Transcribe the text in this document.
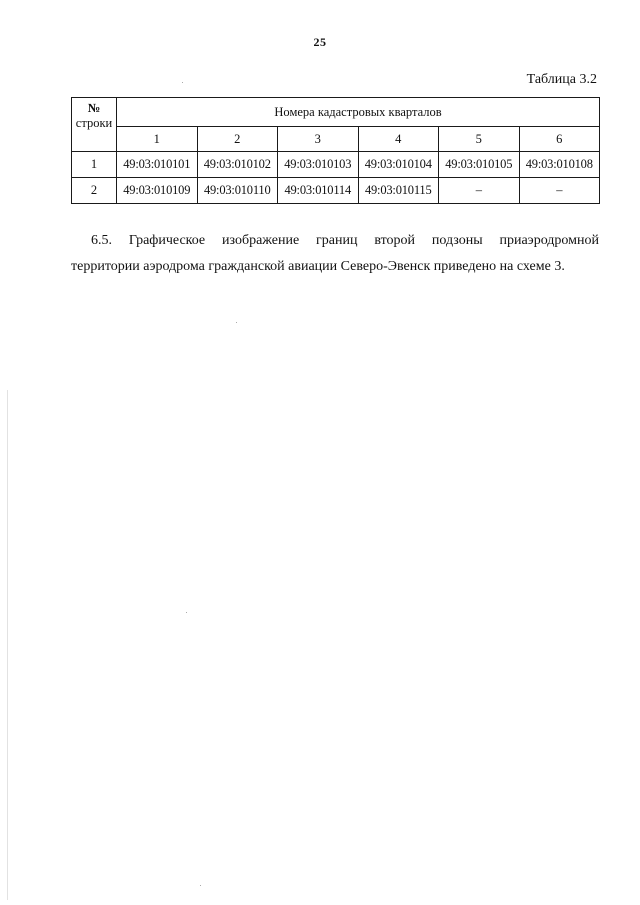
25
Таблица 3.2
№
строки	Номера кадастровых кварталов					
	1	2	3	4	5	6
1	49:03:010101	49:03:010102	49:03:010103	49:03:010104	49:03:010105	49:03:010108
2	49:03:010109	49:03:010110	49:03:010114	49:03:010115	–	–
6.5. Графическое изображение границ второй подзоны приаэродромной
территории аэродрома гражданской авиации Северо-Эвенск приведено на схеме 3.
